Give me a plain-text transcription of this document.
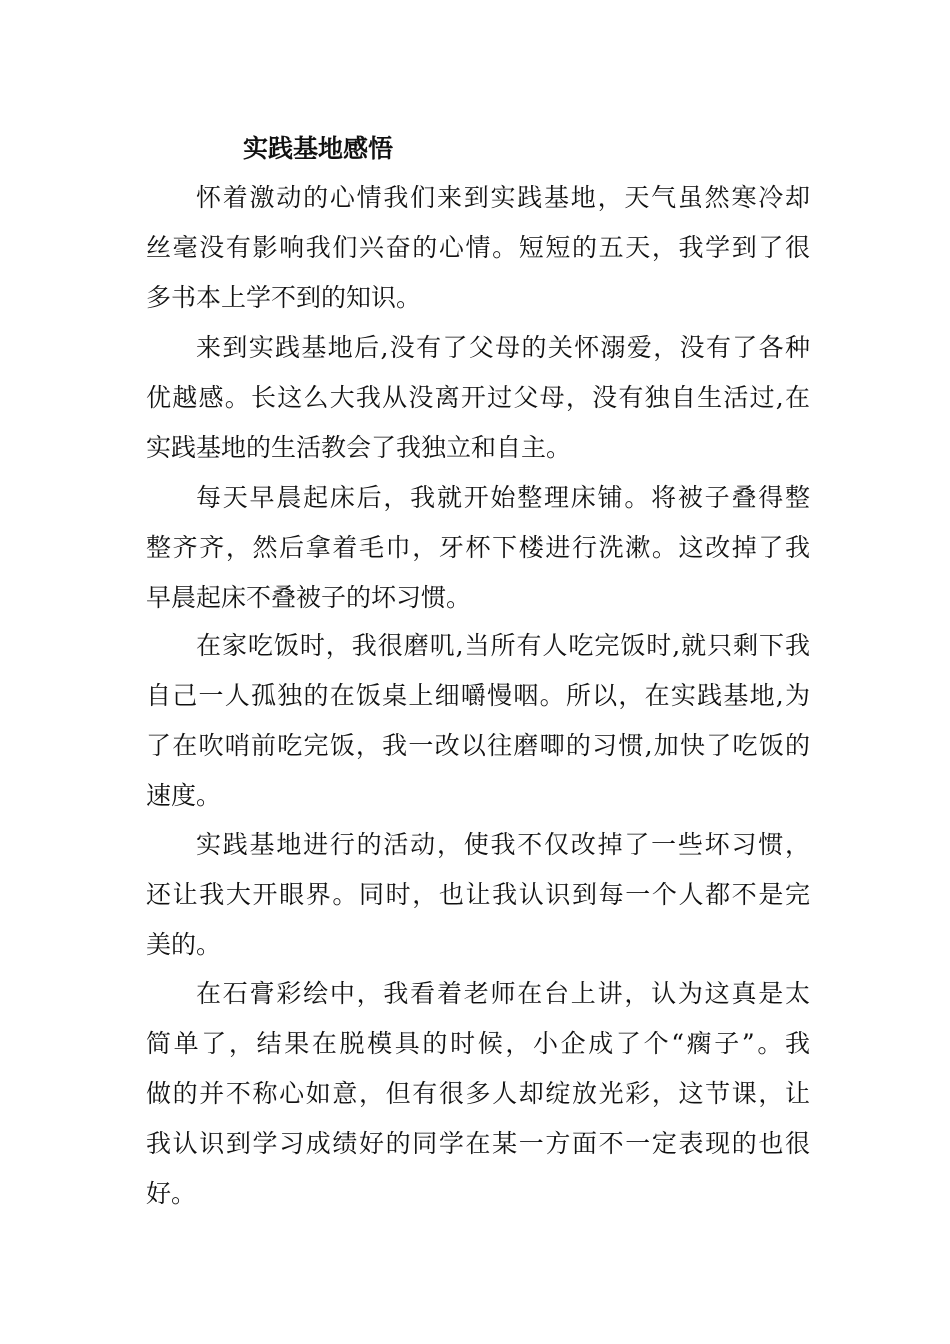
实践基地感悟

怀着激动的心情我们来到实践基地，天气虽然寒冷却
丝毫没有影响我们兴奋的心情。短短的五天，我学到了很
多书本上学不到的知识。

来到实践基地后,没有了父母的关怀溺爱，没有了各种
优越感。长这么大我从没离开过父母，没有独自生活过,在
实践基地的生活教会了我独立和自主。

每天早晨起床后，我就开始整理床铺。将被子叠得整
整齐齐，然后拿着毛巾，牙杯下楼进行洗漱。这改掉了我
早晨起床不叠被子的坏习惯。

在家吃饭时，我很磨叽,当所有人吃完饭时,就只剩下我
自己一人孤独的在饭桌上细嚼慢咽。所以，在实践基地,为
了在吹哨前吃完饭，我一改以往磨唧的习惯,加快了吃饭的
速度。

实践基地进行的活动，使我不仅改掉了一些坏习惯，
还让我大开眼界。同时，也让我认识到每一个人都不是完
美的。

在石膏彩绘中，我看着老师在台上讲，认为这真是太
简单了，结果在脱模具的时候，小企成了个“瘸子”。我
做的并不称心如意，但有很多人却绽放光彩，这节课，让
我认识到学习成绩好的同学在某一方面不一定表现的也很
好。
